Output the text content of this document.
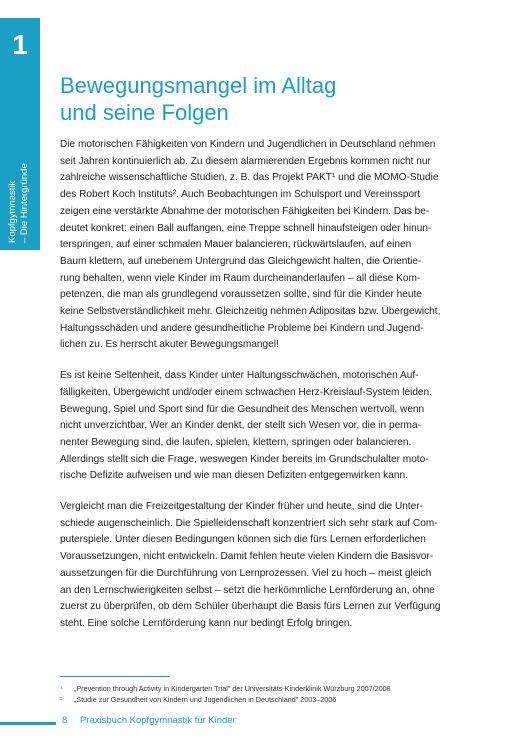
1
Kopfgymnastik – Die Hintergründe
Bewegungsmangel im Alltag
und seine Folgen

Die motorischen Fähigkeiten von Kindern und Jugendlichen in Deutschland nehmen
seit Jahren kontinuierlich ab. Zu diesem alarmierenden Ergebnis kommen nicht nur
zahlreiche wissenschaftliche Studien, z. B. das Projekt PAKT¹ und die MOMO-Studie
des Robert Koch Instituts². Auch Beobachtungen im Schulsport und Vereinssport
zeigen eine verstärkte Abnahme der motorischen Fähigkeiten bei Kindern. Das be-
deutet konkret: einen Ball auffangen, eine Treppe schnell hinaufsteigen oder hinun-
terspringen, auf einer schmalen Mauer balancieren, rückwärtslaufen, auf einen
Baum klettern, auf unebenem Untergrund das Gleichgewicht halten, die Orientie-
rung behalten, wenn viele Kinder im Raum durcheinanderlaufen – all diese Kom-
petenzen, die man als grundlegend voraussetzen sollte, sind für die Kinder heute
keine Selbstverständlichkeit mehr. Gleichzeitig nehmen Adipositas bzw. Übergewicht,
Haltungsschäden und andere gesundheitliche Probleme bei Kindern und Jugend-
lichen zu. Es herrscht akuter Bewegungsmangel!

Es ist keine Seltenheit, dass Kinder unter Haltungsschwächen, motorischen Auf-
fälligkeiten, Übergewicht und/oder einem schwachen Herz-Kreislauf-System leiden.
Bewegung, Spiel und Sport sind für die Gesundheit des Menschen wertvoll, wenn
nicht unverzichtbar. Wer an Kinder denkt, der stellt sich Wesen vor, die in perma-
nenter Bewegung sind, die laufen, spielen, klettern, springen oder balancieren.
Allerdings stellt sich die Frage, weswegen Kinder bereits im Grundschulalter moto-
rische Defizite aufweisen und wie man diesen Defiziten entgegenwirken kann.

Vergleicht man die Freizeitgestaltung der Kinder früher und heute, sind die Unter-
schiede augenscheinlich. Die Spielleidenschaft konzentriert sich sehr stark auf Com-
puterspiele. Unter diesen Bedingungen können sich die fürs Lernen erforderlichen
Voraussetzungen, nicht entwickeln. Damit fehlen heute vielen Kindern die Basisvor-
aussetzungen für die Durchführung von Lernprozessen. Viel zu hoch – meist gleich
an den Lernschwierigkeiten selbst – setzt die herkömmliche Lernförderung an, ohne
zuerst zu überprüfen, ob dem Schüler überhaupt die Basis fürs Lernen zur Verfügung
steht. Eine solche Lernförderung kann nur bedingt Erfolg bringen.

¹	„Prevention through Activity in Kindergarten Trial" der Universitäts-Kinderklinik Würzburg 2007/2008
²	„Studie zur Gesundheit von Kindern und Jugendlichen in Deutschland" 2003–2006
8 Praxisbuch Kopfgymnastik für Kinder
